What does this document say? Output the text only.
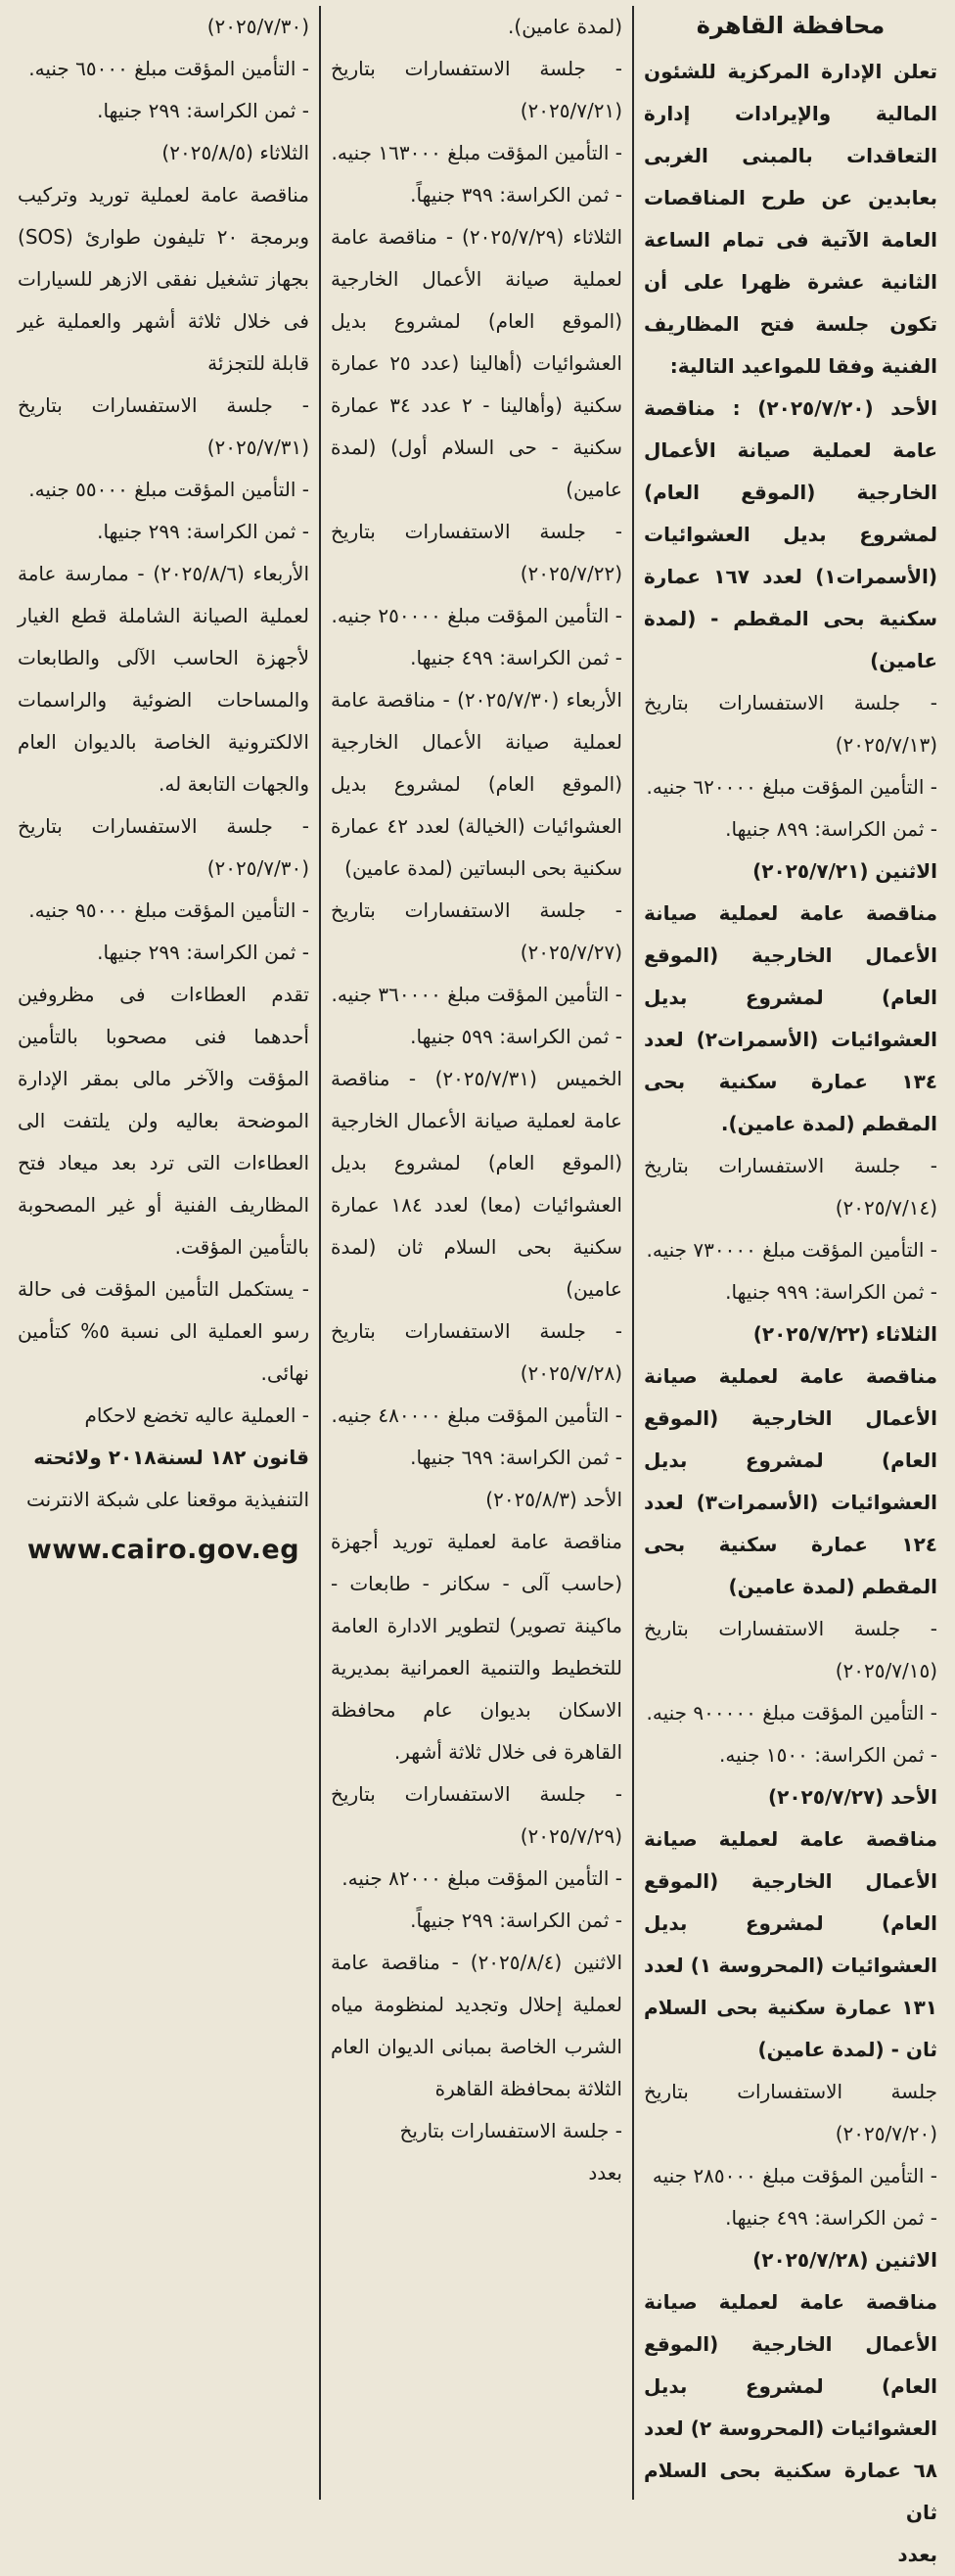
محافظة القاهرة

تعلن الإدارة المركزية للشئون المالية والإيرادات إدارة التعاقدات بالمبنى الغربى بعابدين عن طرح المناقصات العامة الآتية فى تمام الساعة الثانية عشرة ظهرا على أن تكون جلسة فتح المظاريف الفنية وفقا للمواعيد التالية:

الأحد (٢٠٢٥/٧/٢٠) : مناقصة عامة لعملية صيانة الأعمال الخارجية (الموقع العام) لمشروع بديل العشوائيات (الأسمرات١) لعدد ١٦٧ عمارة سكنية بحى المقطم - (لمدة عامين)

- جلسة الاستفسارات بتاريخ (٢٠٢٥/٧/١٣)

- التأمين المؤقت مبلغ ٦٢٠٠٠٠ جنيه.

- ثمن الكراسة: ٨٩٩ جنيها.

الاثنين (٢٠٢٥/٧/٢١)

مناقصة عامة لعملية صيانة الأعمال الخارجية (الموقع العام) لمشروع بديل العشوائيات (الأسمرات٢) لعدد ١٣٤ عمارة سكنية بحى المقطم (لمدة عامين).

- جلسة الاستفسارات بتاريخ (٢٠٢٥/٧/١٤)

- التأمين المؤقت مبلغ ٧٣٠٠٠٠ جنيه.

- ثمن الكراسة: ٩٩٩ جنيها.

الثلاثاء (٢٠٢٥/٧/٢٢)

مناقصة عامة لعملية صيانة الأعمال الخارجية (الموقع العام) لمشروع بديل العشوائيات (الأسمرات٣) لعدد ١٢٤ عمارة سكنية بحى المقطم (لمدة عامين)

- جلسة الاستفسارات بتاريخ (٢٠٢٥/٧/١٥)

- التأمين المؤقت مبلغ ٩٠٠٠٠٠ جنيه.

- ثمن الكراسة: ١٥٠٠ جنيه.

الأحد (٢٠٢٥/٧/٢٧)

مناقصة عامة لعملية صيانة الأعمال الخارجية (الموقع العام) لمشروع بديل العشوائيات (المحروسة ١) لعدد ١٣١ عمارة سكنية بحى السلام ثان - (لمدة عامين)

جلسة الاستفسارات بتاريخ (٢٠٢٥/٧/٢٠)

- التأمين المؤقت مبلغ ٢٨٥٠٠٠ جنيه

- ثمن الكراسة: ٤٩٩ جنيها.

الاثنين (٢٠٢٥/٧/٢٨)

مناقصة عامة لعملية صيانة الأعمال الخارجية (الموقع العام) لمشروع بديل العشوائيات (المحروسة ٢) لعدد ٦٨ عمارة سكنية بحى السلام ثان

بعدد

(لمدة عامين).

- جلسة الاستفسارات بتاريخ (٢٠٢٥/٧/٢١)

- التأمين المؤقت مبلغ ١٦٣٠٠٠ جنيه.

- ثمن الكراسة: ٣٩٩ جنيهاً.

الثلاثاء (٢٠٢٥/٧/٢٩) - مناقصة عامة لعملية صيانة الأعمال الخارجية (الموقع العام) لمشروع بديل العشوائيات (أهالينا (عدد ٢٥ عمارة سكنية (وأهالينا - ٢ عدد ٣٤ عمارة سكنية - حى السلام أول) (لمدة عامين)

- جلسة الاستفسارات بتاريخ (٢٠٢٥/٧/٢٢)

- التأمين المؤقت مبلغ ٢٥٠٠٠٠ جنيه.

- ثمن الكراسة: ٤٩٩ جنيها.

الأربعاء (٢٠٢٥/٧/٣٠) - مناقصة عامة لعملية صيانة الأعمال الخارجية (الموقع العام) لمشروع بديل العشوائيات (الخيالة) لعدد ٤٢ عمارة سكنية بحى البساتين (لمدة عامين)

- جلسة الاستفسارات بتاريخ (٢٠٢٥/٧/٢٧)

- التأمين المؤقت مبلغ ٣٦٠٠٠٠ جنيه.

- ثمن الكراسة: ٥٩٩ جنيها.

الخميس (٢٠٢٥/٧/٣١) - مناقصة عامة لعملية صيانة الأعمال الخارجية (الموقع العام) لمشروع بديل العشوائيات (معا) لعدد ١٨٤ عمارة سكنية بحى السلام ثان (لمدة عامين)

- جلسة الاستفسارات بتاريخ (٢٠٢٥/٧/٢٨)

- التأمين المؤقت مبلغ ٤٨٠٠٠٠ جنيه.

- ثمن الكراسة: ٦٩٩ جنيها.

الأحد (٢٠٢٥/٨/٣)

مناقصة عامة لعملية توريد أجهزة (حاسب آلى - سكانر - طابعات - ماكينة تصوير) لتطوير الادارة العامة للتخطيط والتنمية العمرانية بمديرية الاسكان بديوان عام محافظة القاهرة فى خلال ثلاثة أشهر.

- جلسة الاستفسارات بتاريخ (٢٠٢٥/٧/٢٩)

- التأمين المؤقت مبلغ ٨٢٠٠٠ جنيه.

- ثمن الكراسة: ٢٩٩ جنيهاً.

الاثنين (٢٠٢٥/٨/٤) - مناقصة عامة لعملية إحلال وتجديد لمنظومة مياه الشرب الخاصة بمبانى الديوان العام الثلاثة بمحافظة القاهرة

- جلسة الاستفسارات بتاريخ

بعدد

(٢٠٢٥/٧/٣٠)

- التأمين المؤقت مبلغ ٦٥٠٠٠ جنيه.

- ثمن الكراسة: ٢٩٩ جنيها.

الثلاثاء (٢٠٢٥/٨/٥)

مناقصة عامة لعملية توريد وتركيب وبرمجة ٢٠ تليفون طوارئ (SOS) بجهاز تشغيل نفقى الازهر للسيارات فى خلال ثلاثة أشهر والعملية غير قابلة للتجزئة

- جلسة الاستفسارات بتاريخ (٢٠٢٥/٧/٣١)

- التأمين المؤقت مبلغ ٥٥٠٠٠ جنيه.

- ثمن الكراسة: ٢٩٩ جنيها.

الأربعاء (٢٠٢٥/٨/٦) - ممارسة عامة لعملية الصيانة الشاملة قطع الغيار لأجهزة الحاسب الآلى والطابعات والمساحات الضوئية والراسمات الالكترونية الخاصة بالديوان العام والجهات التابعة له.

- جلسة الاستفسارات بتاريخ (٢٠٢٥/٧/٣٠)

- التأمين المؤقت مبلغ ٩٥٠٠٠ جنيه.

- ثمن الكراسة: ٢٩٩ جنيها.

تقدم العطاءات فى مظروفين أحدهما فنى مصحوبا بالتأمين المؤقت والآخر مالى بمقر الإدارة الموضحة بعاليه ولن يلتفت الى العطاءات التى ترد بعد ميعاد فتح المظاريف الفنية أو غير المصحوبة بالتأمين المؤقت.

- يستكمل التأمين المؤقت فى حالة رسو العملية الى نسبة ٥% كتأمين نهائى.

- العملية عاليه تخضع لاحكام

قانون ١٨٢ لسنة٢٠١٨ ولائحته

التنفيذية موقعنا على شبكة الانترنت

www.cairo.gov.eg
